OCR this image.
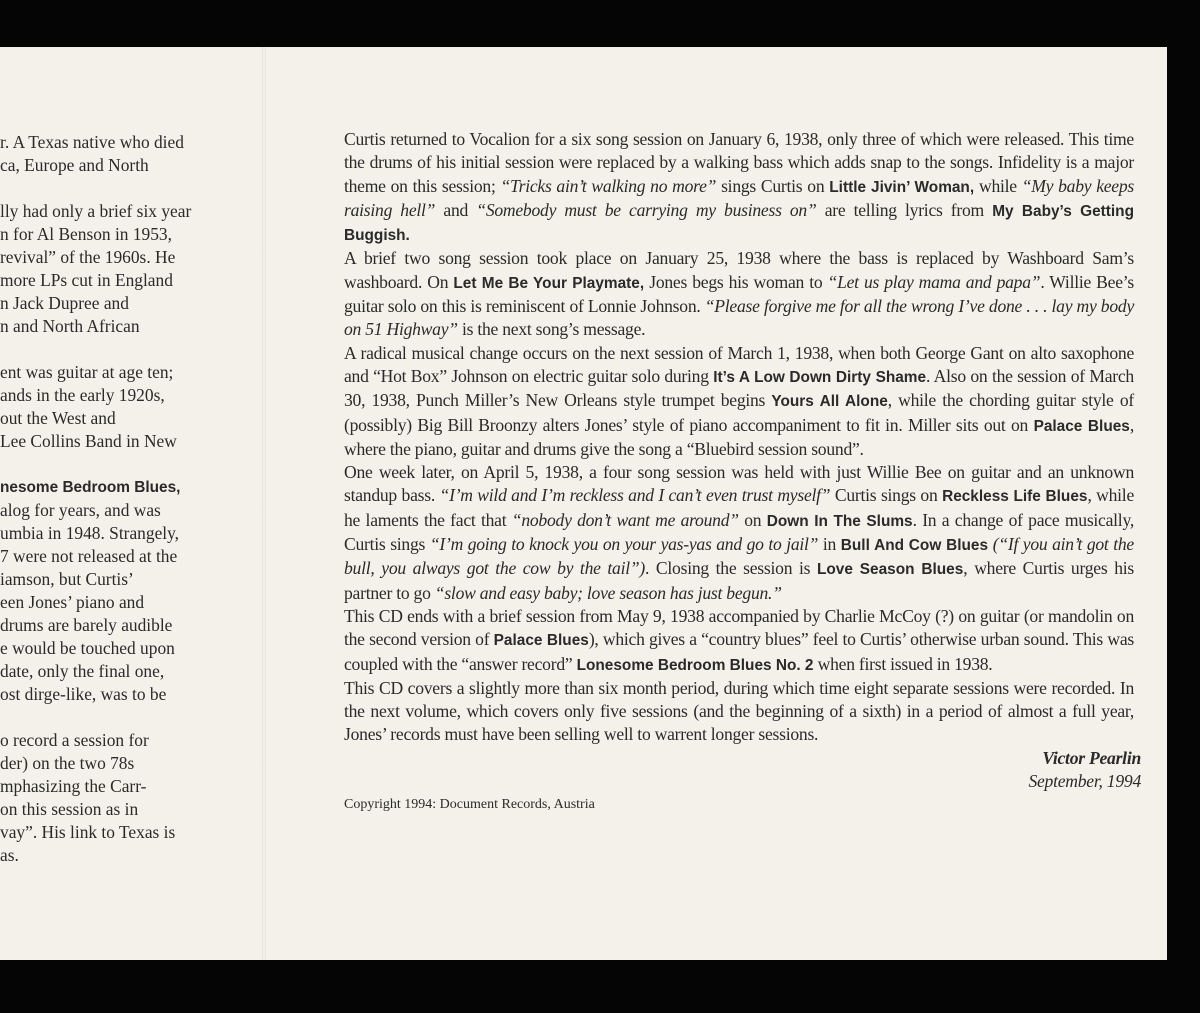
r. A Texas native who died
ca, Europe and North
lly had only a brief six year
n for Al Benson in 1953,
revival” of the 1960s. He
more LPs cut in England
n Jack Dupree and
n and North African
ent was guitar at age ten;
ands in the early 1920s,
out the West and
Lee Collins Band in New
nesome Bedroom Blues,
alog for years, and was
umbia in 1948. Strangely,
7 were not released at the
iamson, but Curtis’
een Jones’ piano and
drums are barely audible
e would be touched upon
date, only the final one,
ost dirge-like, was to be
o record a session for
der) on the two 78s
mphasizing the Carr-
on this session as in
vay”. His link to Texas is
as.

Curtis returned to Vocalion for a six song session on January 6, 1938, only three of which were released. This time the drums of his initial session were replaced by a walking bass which adds snap to the songs. Infidelity is a major theme on this session; “Tricks ain’t walking no more” sings Curtis on Little Jivin’ Woman, while “My baby keeps raising hell” and “Somebody must be carrying my business on” are telling lyrics from My Baby’s Getting Buggish.

A brief two song session took place on January 25, 1938 where the bass is replaced by Washboard Sam’s washboard. On Let Me Be Your Playmate, Jones begs his woman to “Let us play mama and papa”. Willie Bee’s guitar solo on this is reminiscent of Lonnie Johnson. “Please forgive me for all the wrong I’ve done . . . lay my body on 51 Highway” is the next song’s message.

A radical musical change occurs on the next session of March 1, 1938, when both George Gant on alto saxophone and “Hot Box” Johnson on electric guitar solo during It’s A Low Down Dirty Shame. Also on the session of March 30, 1938, Punch Miller’s New Orleans style trumpet begins Yours All Alone, while the chording guitar style of (possibly) Big Bill Broonzy alters Jones’ style of piano accompaniment to fit in. Miller sits out on Palace Blues, where the piano, guitar and drums give the song a “Bluebird session sound”.

One week later, on April 5, 1938, a four song session was held with just Willie Bee on guitar and an unknown standup bass. “I’m wild and I’m reckless and I can’t even trust myself” Curtis sings on Reckless Life Blues, while he laments the fact that “nobody don’t want me around” on Down In The Slums. In a change of pace musically, Curtis sings “I’m going to knock you on your yas-yas and go to jail” in Bull And Cow Blues (“If you ain’t got the bull, you always got the cow by the tail”). Closing the session is Love Season Blues, where Curtis urges his partner to go “slow and easy baby; love season has just begun.”

This CD ends with a brief session from May 9, 1938 accompanied by Charlie McCoy (?) on guitar (or mandolin on the second version of Palace Blues), which gives a “country blues” feel to Curtis’ otherwise urban sound. This was coupled with the “answer record” Lonesome Bedroom Blues No. 2 when first issued in 1938.

This CD covers a slightly more than six month period, during which time eight separate sessions were recorded. In the next volume, which covers only five sessions (and the beginning of a sixth) in a period of almost a full year, Jones’ records must have been selling well to warrent longer sessions.

Victor Pearlin
September, 1994
Copyright 1994: Document Records, Austria
